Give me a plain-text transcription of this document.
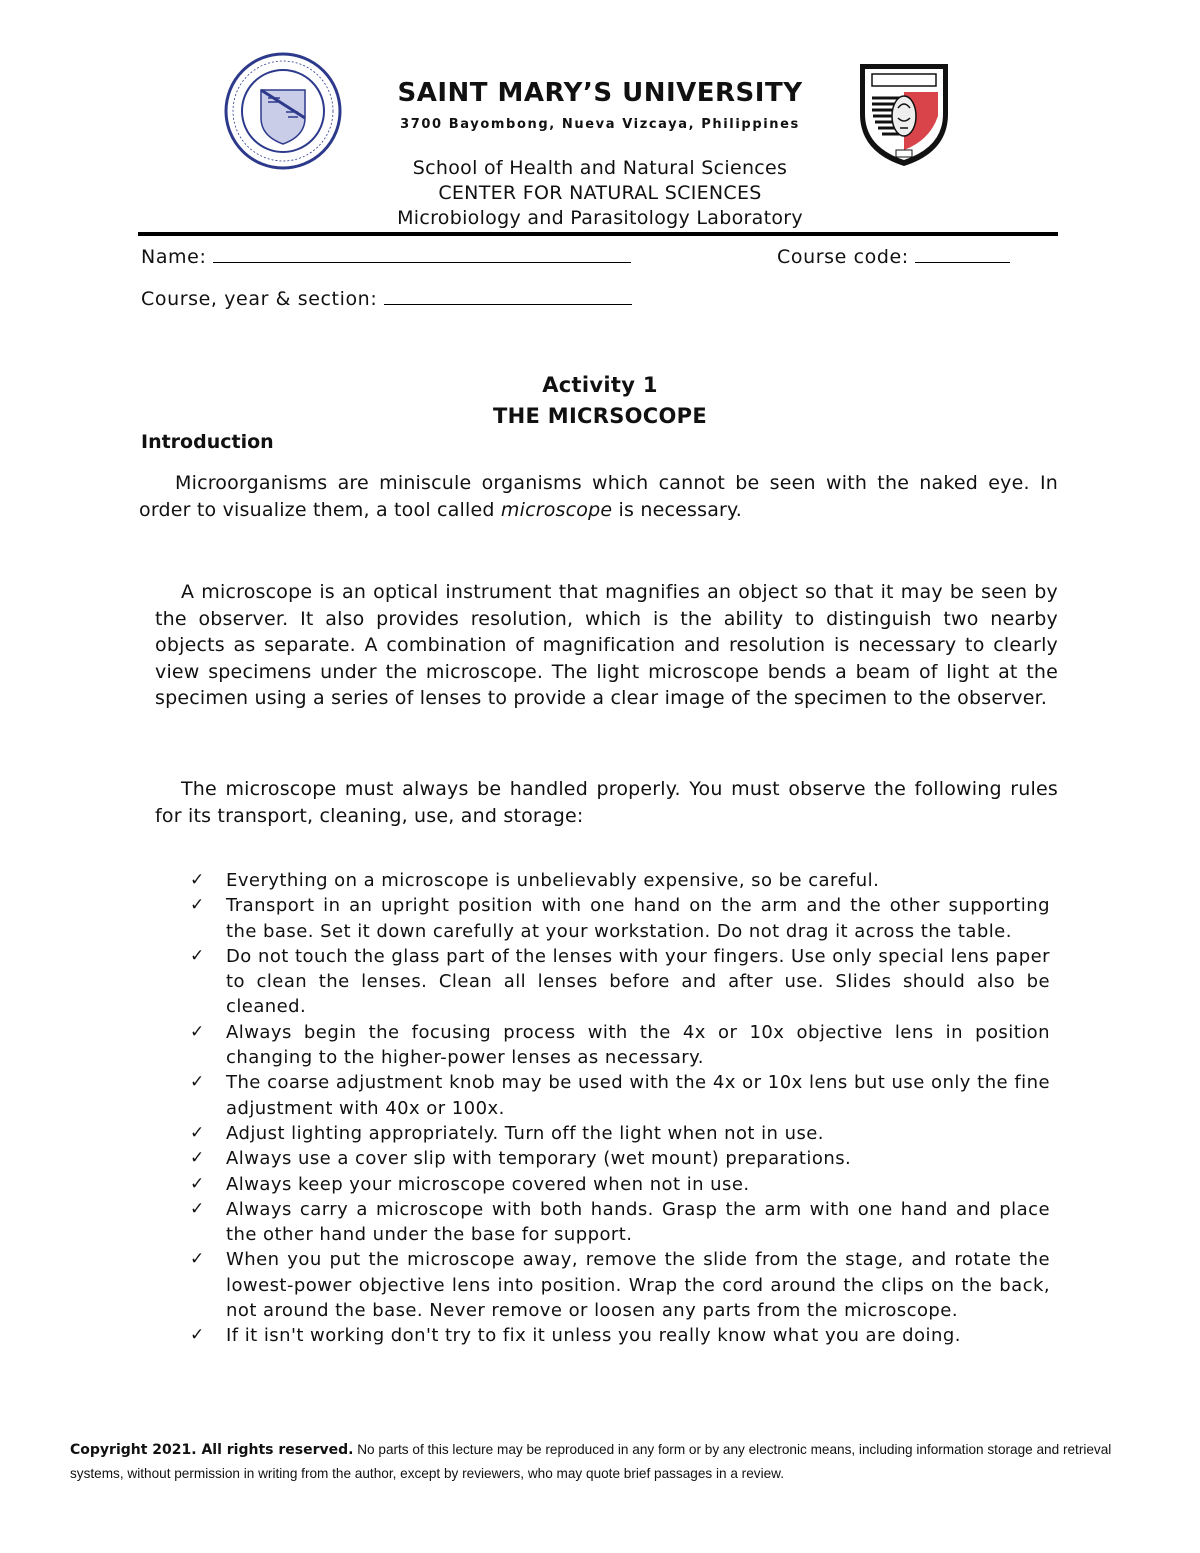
SAINT MARY’S UNIVERSITY
3700 Bayombong, Nueva Vizcaya, Philippines
School of Health and Natural Sciences
CENTER FOR NATURAL SCIENCES
Microbiology and Parasitology Laboratory
Name:	Course code:
Course, year & section:
Activity 1
THE MICRSOCOPE
Introduction
Microorganisms are miniscule organisms which cannot be seen with the naked eye. In order to visualize them, a tool called microscope is necessary.
A microscope is an optical instrument that magnifies an object so that it may be seen by the observer. It also provides resolution, which is the ability to distinguish two nearby objects as separate. A combination of magnification and resolution is necessary to clearly view specimens under the microscope. The light microscope bends a beam of light at the specimen using a series of lenses to provide a clear image of the specimen to the observer.
The microscope must always be handled properly. You must observe the following rules for its transport, cleaning, use, and storage:
✓ Everything on a microscope is unbelievably expensive, so be careful.
✓ Transport in an upright position with one hand on the arm and the other supporting the base. Set it down carefully at your workstation. Do not drag it across the table.
✓ Do not touch the glass part of the lenses with your fingers. Use only special lens paper to clean the lenses. Clean all lenses before and after use. Slides should also be cleaned.
✓ Always begin the focusing process with the 4x or 10x objective lens in position changing to the higher-power lenses as necessary.
✓ The coarse adjustment knob may be used with the 4x or 10x lens but use only the fine adjustment with 40x or 100x.
✓ Adjust lighting appropriately. Turn off the light when not in use.
✓ Always use a cover slip with temporary (wet mount) preparations.
✓ Always keep your microscope covered when not in use.
✓ Always carry a microscope with both hands. Grasp the arm with one hand and place the other hand under the base for support.
✓ When you put the microscope away, remove the slide from the stage, and rotate the lowest-power objective lens into position. Wrap the cord around the clips on the back, not around the base. Never remove or loosen any parts from the microscope.
✓ If it isn't working don't try to fix it unless you really know what you are doing.
Copyright 2021. All rights reserved. No parts of this lecture may be reproduced in any form or by any electronic means, including information storage and retrieval systems, without permission in writing from the author, except by reviewers, who may quote brief passages in a review.
